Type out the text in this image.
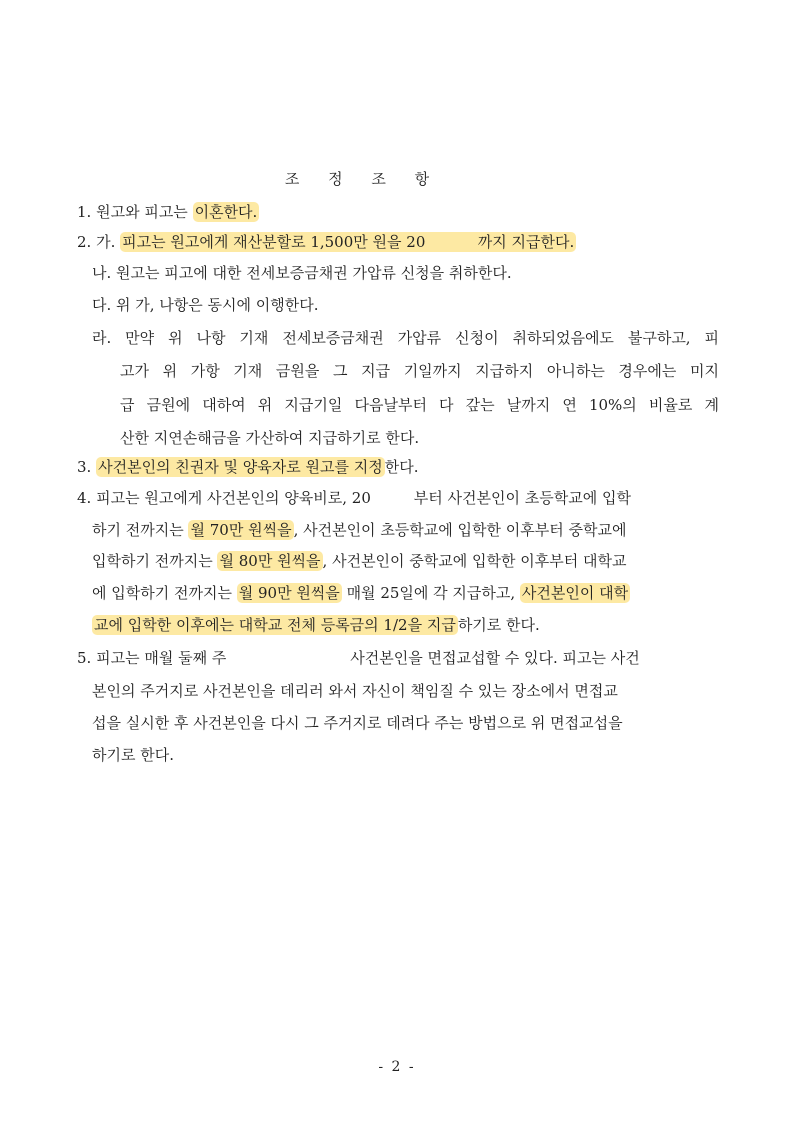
조 정 조 항
1. 원고와 피고는 이혼한다.
2. 가. 피고는 원고에게 재산분할로 1,500만 원을 20           까지 지급한다.
나. 원고는 피고에 대한 전세보증금채권 가압류 신청을 취하한다.
다. 위 가, 나항은 동시에 이행한다.
라. 만약 위 나항 기재 전세보증금채권 가압류 신청이 취하되었음에도 불구하고, 피
고가 위 가항 기재 금원을 그 지급 기일까지 지급하지 아니하는 경우에는 미지
급 금원에 대하여 위 지급기일 다음날부터 다 갚는 날까지 연 10%의 비율로 계
산한 지연손해금을 가산하여 지급하기로 한다.
3. 사건본인의 친권자 및 양육자로 원고를 지정 한다.
4. 피고는 원고에게 사건본인의 양육비로, 20         부터 사건본인이 초등학교에 입학
하기 전까지는 월 70만 원씩을 , 사건본인이 초등학교에 입학한 이후부터 중학교에
입학하기 전까지는 월 80만 원씩을 , 사건본인이 중학교에 입학한 이후부터 대학교
에 입학하기 전까지는 월 90만 원씩을 매월 25일에 각 지급하고, 사건본인이 대학
교에 입학한 이후에는 대학교 전체 등록금의 1/2을 지급 하기로 한다.
5. 피고는 매월 둘째 주                          사건본인을 면접교섭할 수 있다. 피고는 사건
본인의 주거지로 사건본인을 데리러 와서 자신이 책임질 수 있는 장소에서 면접교
섭을 실시한 후 사건본인을 다시 그 주거지로 데려다 주는 방법으로 위 면접교섭을
하기로 한다.
- 2 -
